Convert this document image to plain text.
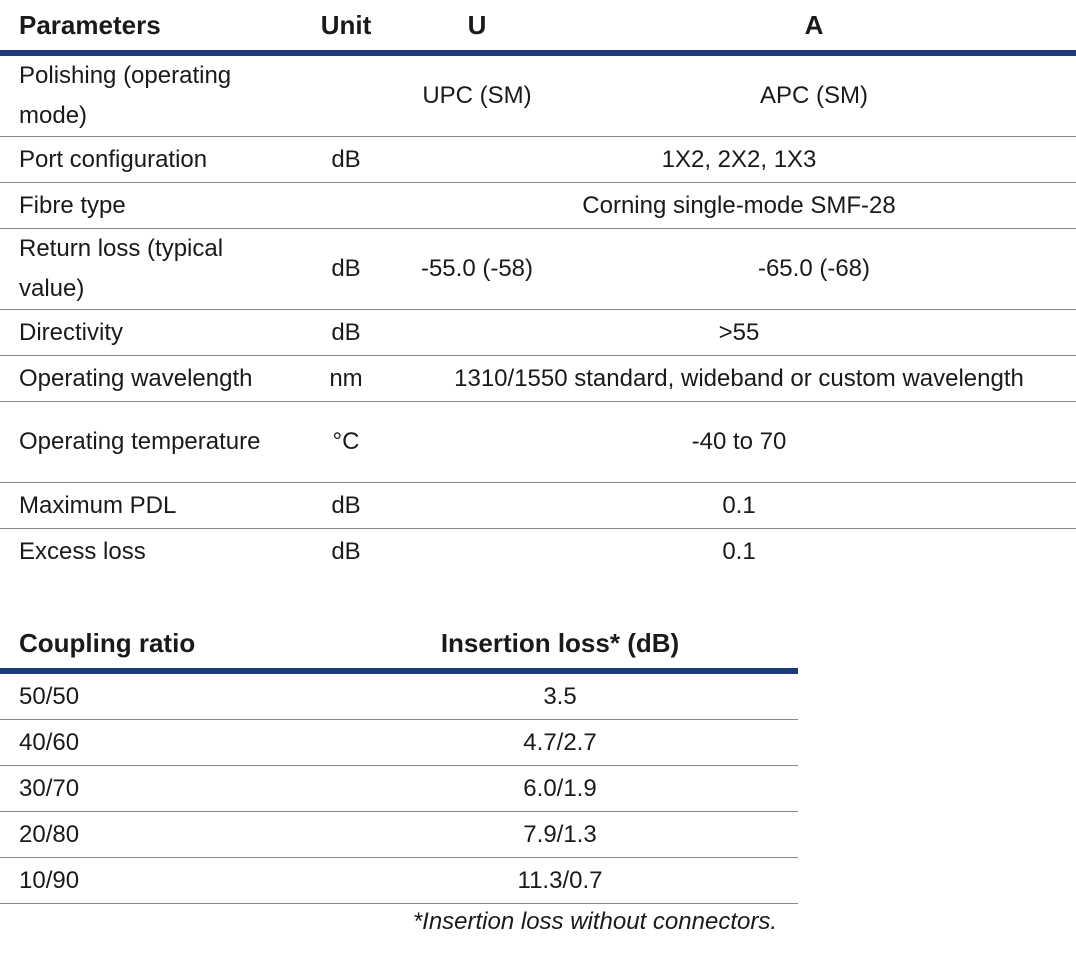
Parameters	Unit	U	A
Polishing (operating mode)		UPC (SM)	APC (SM)
Port configuration	dB	1X2, 2X2, 1X3	
Fibre type		Corning single-mode SMF-28	
Return loss (typical value)	dB	-55.0 (-58)	-65.0 (-68)
Directivity	dB	>55	
Operating wavelength	nm	1310/1550 standard, wideband or custom wavelength	
Operating temperature	°C	-40 to 70	
Maximum PDL	dB	0.1	
Excess loss	dB	0.1	
Coupling ratio	Insertion loss* (dB)
50/50	3.5
40/60	4.7/2.7
30/70	6.0/1.9
20/80	7.9/1.3
10/90	11.3/0.7
*Insertion loss without connectors.
